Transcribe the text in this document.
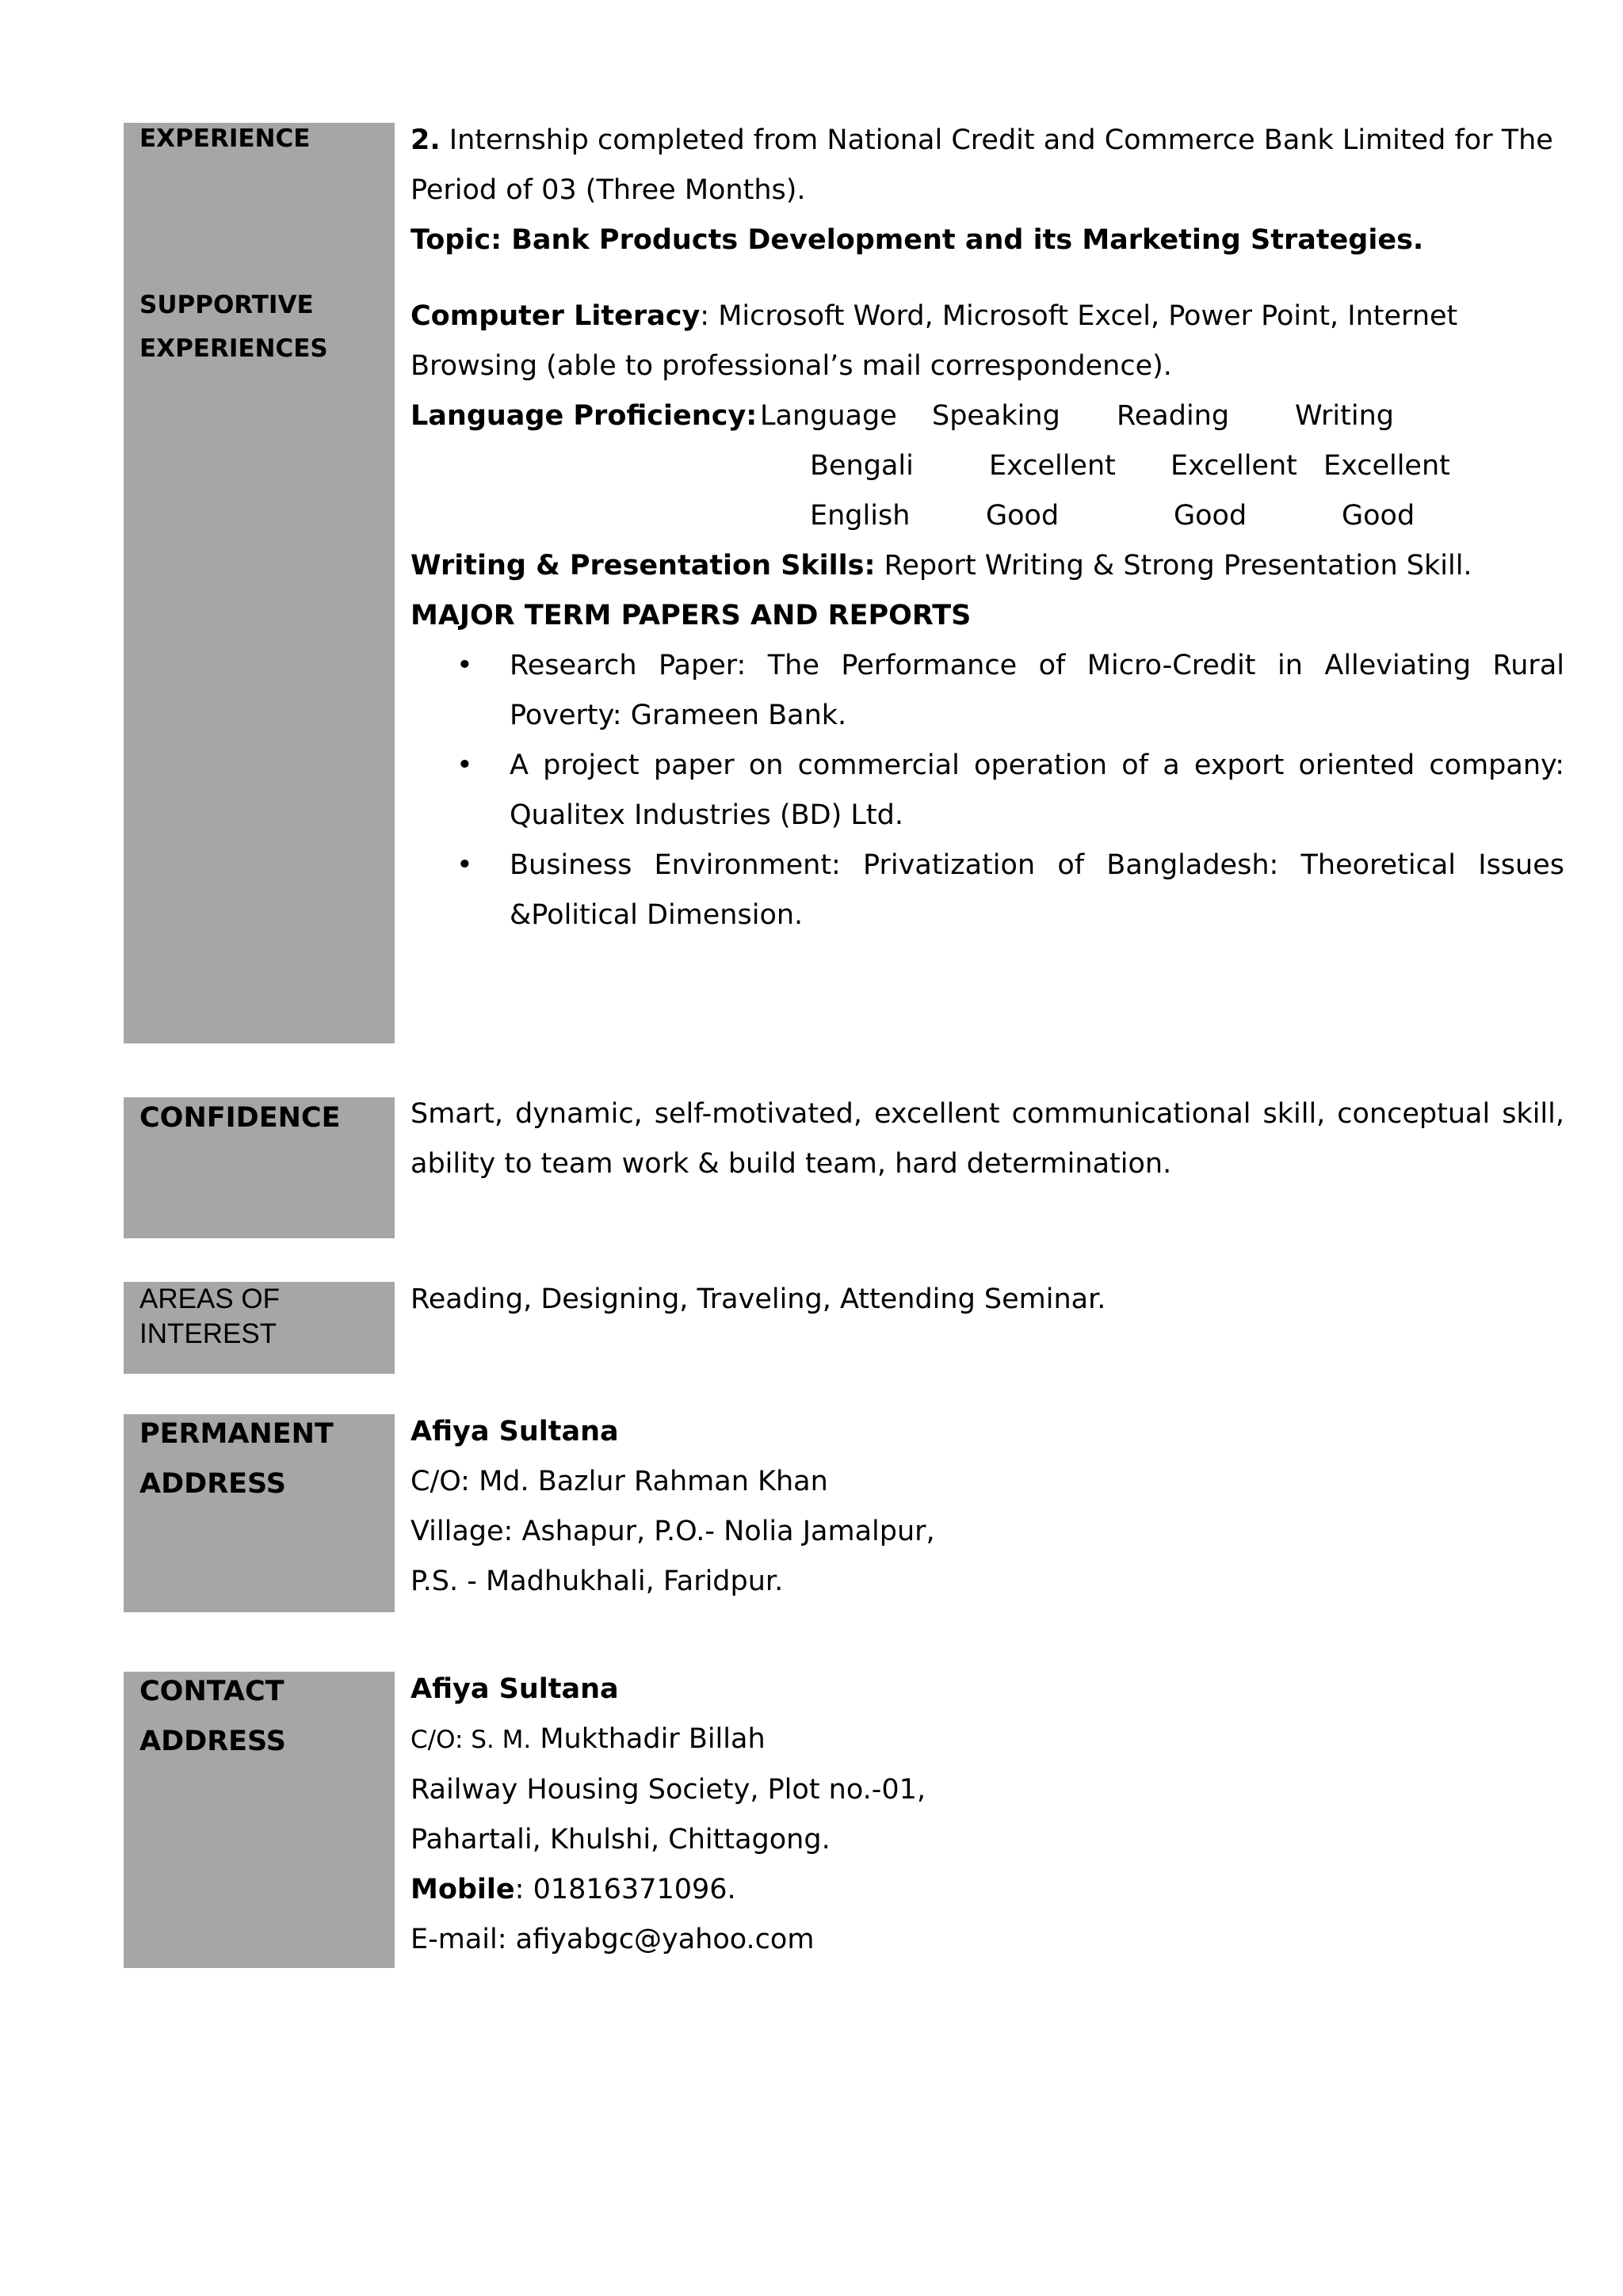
EXPERIENCE
SUPPORTIVE
EXPERIENCES
2. Internship completed from National Credit and Commerce Bank Limited for The
Period of 03 (Three Months).
Topic: Bank Products Development and its Marketing Strategies.
Computer Literacy: Microsoft Word, Microsoft Excel, Power Point, Internet
Browsing (able to professional’s mail correspondence).
Language Proficiency:
Writing & Presentation Skills: Report Writing & Strong Presentation Skill.
MAJOR TERM PAPERS AND REPORTS
• Research Paper: The Performance of Micro-Credit in Alleviating Rural
Poverty: Grameen Bank.
• A project paper on commercial operation of a export oriented company:
Qualitex Industries (BD) Ltd.
• Business Environment: Privatization of Bangladesh: Theoretical Issues
&Political Dimension.
Language Speaking Reading Writing
Bengali	Excellent Excellent Excellent
English	Good	Good	Good
CONFIDENCE	Smart, dynamic, self-motivated, excellent communicational skill, conceptual skill,
ability to team work & build team, hard determination.
AREAS OF
INTEREST
Reading, Designing, Traveling, Attending Seminar.
PERMANENT
ADDRESS
Afiya Sultana
C/O: Md. Bazlur Rahman Khan
Village: Ashapur, P.O.- Nolia Jamalpur,
P.S. - Madhukhali, Faridpur.
CONTACT
ADDRESS
Afiya Sultana
C/O: S. M. Mukthadir Billah
Railway Housing Society, Plot no.-01,
Pahartali, Khulshi, Chittagong.
Mobile: 01816371096.
E-mail: afiyabgc@yahoo.com
